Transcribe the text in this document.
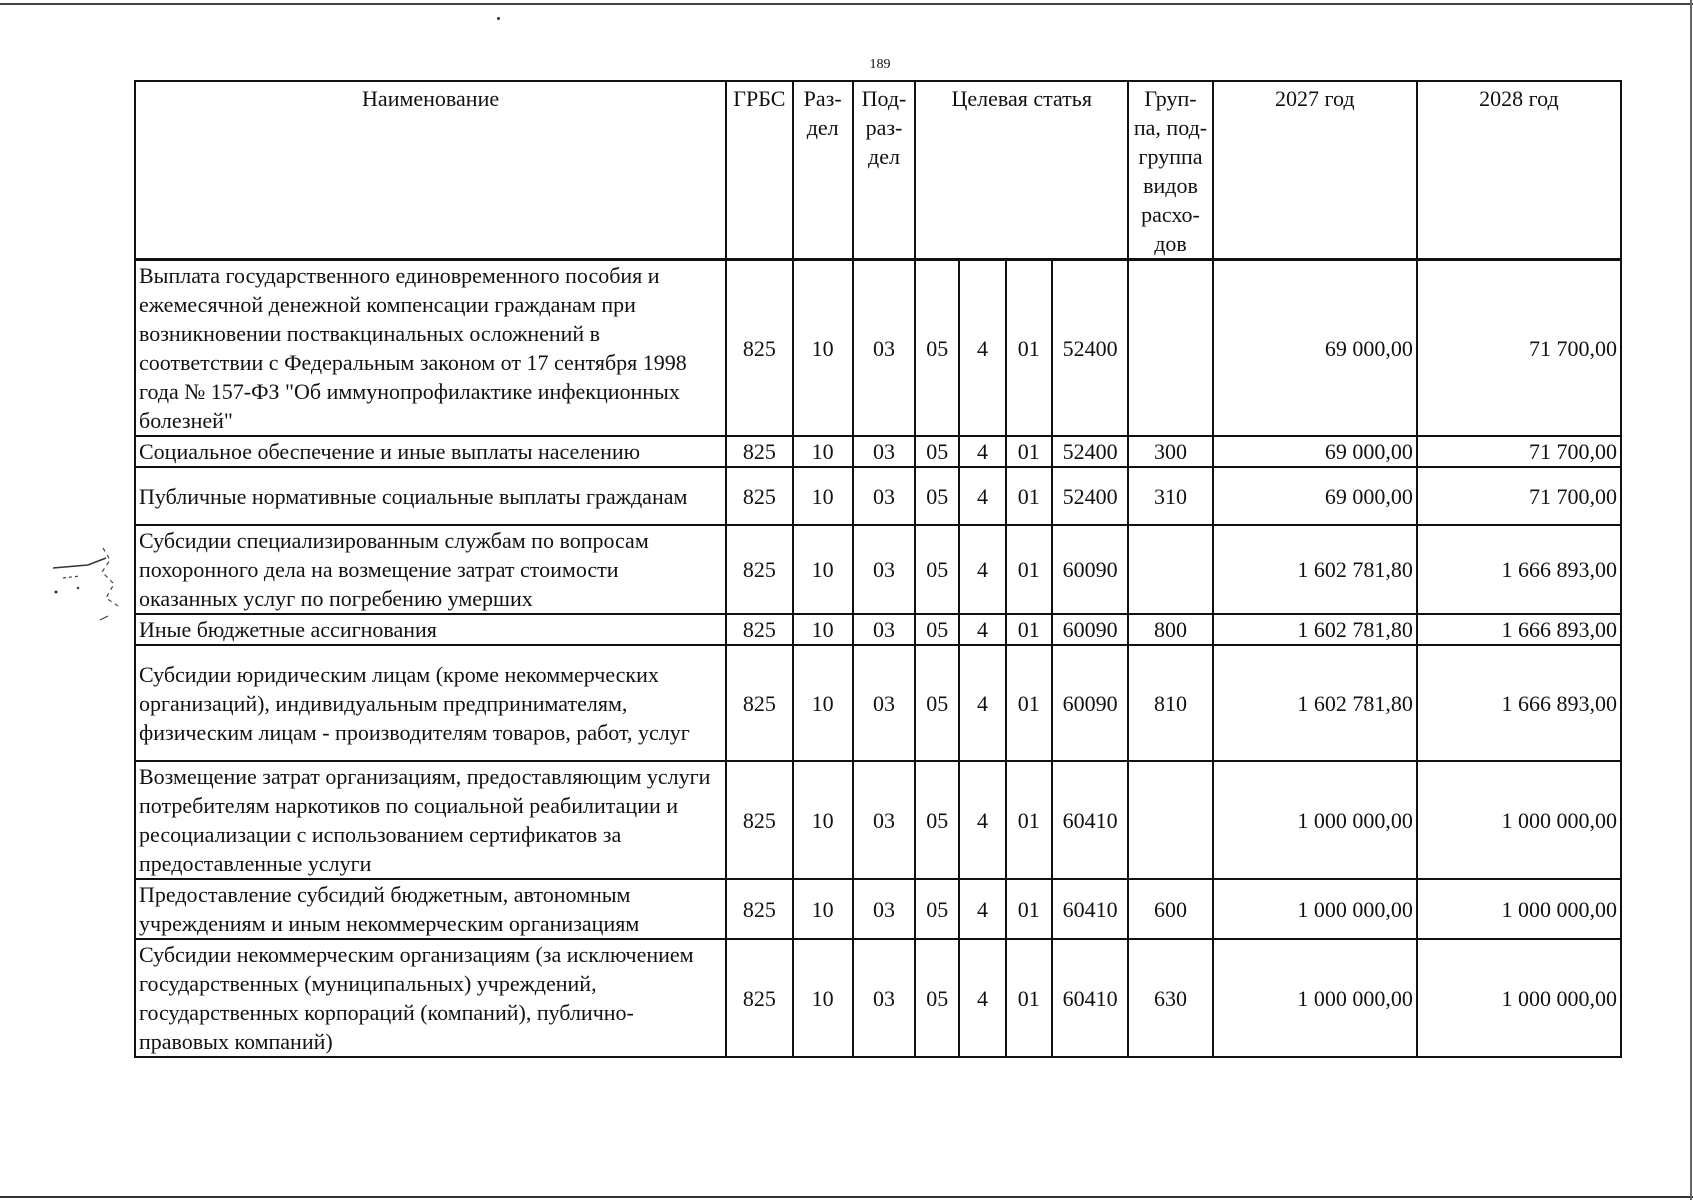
189
Наименование	ГРБС	Раз-дел	Под-раз-дел	Целевая статья				Груп-па, под-группа видов расхо-дов	2027 год	2028 год
Выплата государственного единовременного пособия и ежемесячной денежной компенсации гражданам при возникновении поствакцинальных осложнений в соответствии с Федеральным законом от 17 сентября 1998 года № 157-ФЗ "Об иммунопрофилактике инфекционных болезней"	825	10	03	05	4	01	52400		69 000,00	71 700,00
Социальное обеспечение и иные выплаты населению	825	10	03	05	4	01	52400	300	69 000,00	71 700,00
Публичные нормативные социальные выплаты гражданам	825	10	03	05	4	01	52400	310	69 000,00	71 700,00
Субсидии специализированным службам по вопросам похоронного дела на возмещение затрат стоимости оказанных услуг по погребению умерших	825	10	03	05	4	01	60090		1 602 781,80	1 666 893,00
Иные бюджетные ассигнования	825	10	03	05	4	01	60090	800	1 602 781,80	1 666 893,00
Субсидии юридическим лицам (кроме некоммерческих организаций), индивидуальным предпринимателям, физическим лицам - производителям товаров, работ, услуг	825	10	03	05	4	01	60090	810	1 602 781,80	1 666 893,00
Возмещение затрат организациям, предоставляющим услуги потребителям наркотиков по социальной реабилитации и ресоциализации с использованием сертификатов за предоставленные услуги	825	10	03	05	4	01	60410		1 000 000,00	1 000 000,00
Предоставление субсидий бюджетным, автономным учреждениям и иным некоммерческим организациям	825	10	03	05	4	01	60410	600	1 000 000,00	1 000 000,00
Субсидии некоммерческим организациям (за исключением государственных (муниципальных) учреждений, государственных корпораций (компаний), публично-правовых компаний)	825	10	03	05	4	01	60410	630	1 000 000,00	1 000 000,00
